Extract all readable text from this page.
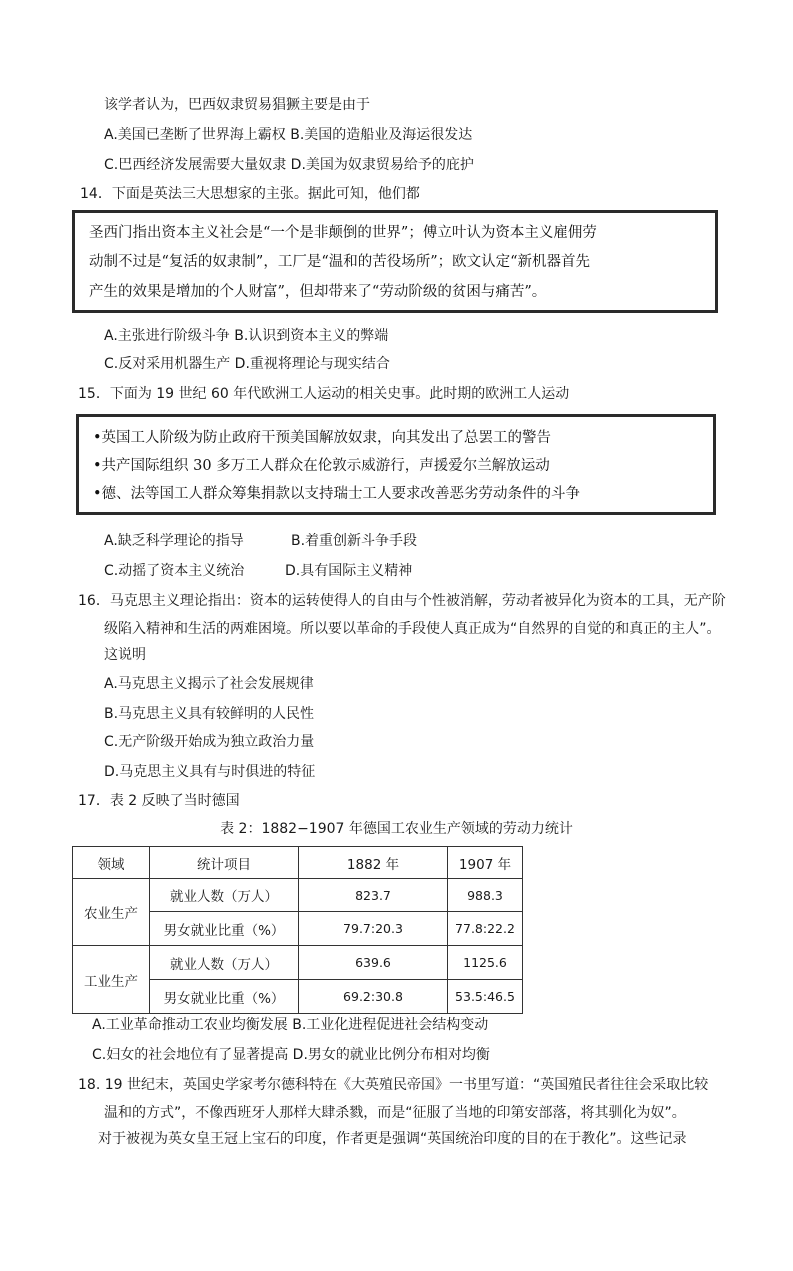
该学者认为，巴西奴隶贸易猖獗主要是由于
A.美国已垄断了世界海上霸权 B.美国的造船业及海运很发达
C.巴西经济发展需要大量奴隶 D.美国为奴隶贸易给予的庇护
14．下面是英法三大思想家的主张。据此可知，他们都
圣西门指出资本主义社会是“一个是非颠倒的世界”；傅立叶认为资本主义雇佣劳
动制不过是“复活的奴隶制”，工厂是“温和的苦役场所”；欧文认定“新机器首先
产生的效果是增加的个人财富”，但却带来了“劳动阶级的贫困与痛苦”。
A.主张进行阶级斗争 B.认识到资本主义的弊端
C.反对采用机器生产 D.重视将理论与现实结合
15．下面为 19 世纪 60 年代欧洲工人运动的相关史事。此时期的欧洲工人运动
•英国工人阶级为防止政府干预美国解放奴隶，向其发出了总罢工的警告
•共产国际组织 30 多万工人群众在伦敦示威游行，声援爱尔兰解放运动
•德、法等国工人群众筹集捐款以支持瑞士工人要求改善恶劣劳动条件的斗争
A.缺乏科学理论的指导	B.着重创新斗争手段
C.动摇了资本主义统治	D.具有国际主义精神
16．马克思主义理论指出：资本的运转使得人的自由与个性被消解，劳动者被异化为资本的工具，无产阶
级陷入精神和生活的两难困境。所以要以革命的手段使人真正成为“自然界的自觉的和真正的主人”。
这说明
A.马克思主义揭示了社会发展规律
B.马克思主义具有较鲜明的人民性
C.无产阶级开始成为独立政治力量
D.马克思主义具有与时俱进的特征
17．表 2 反映了当时德国
表 2：1882−1907 年德国工农业生产领域的劳动力统计
领域	统计项目	1882 年	1907 年
农业生产	就业人数（万人）	823.7	988.3
	男女就业比重（%）	79.7:20.3	77.8:22.2
工业生产	就业人数（万人）	639.6	1125.6
	男女就业比重（%）	69.2:30.8	53.5:46.5
A.工业革命推动工农业均衡发展 B.工业化进程促进社会结构变动
C.妇女的社会地位有了显著提高 D.男女的就业比例分布相对均衡
18. 19 世纪末，英国史学家考尔德科特在《大英殖民帝国》一书里写道：“英国殖民者往往会采取比较
温和的方式”，不像西班牙人那样大肆杀戮，而是“征服了当地的印第安部落，将其驯化为奴”。
对于被视为英女皇王冠上宝石的印度，作者更是强调“英国统治印度的目的在于教化”。这些记录
